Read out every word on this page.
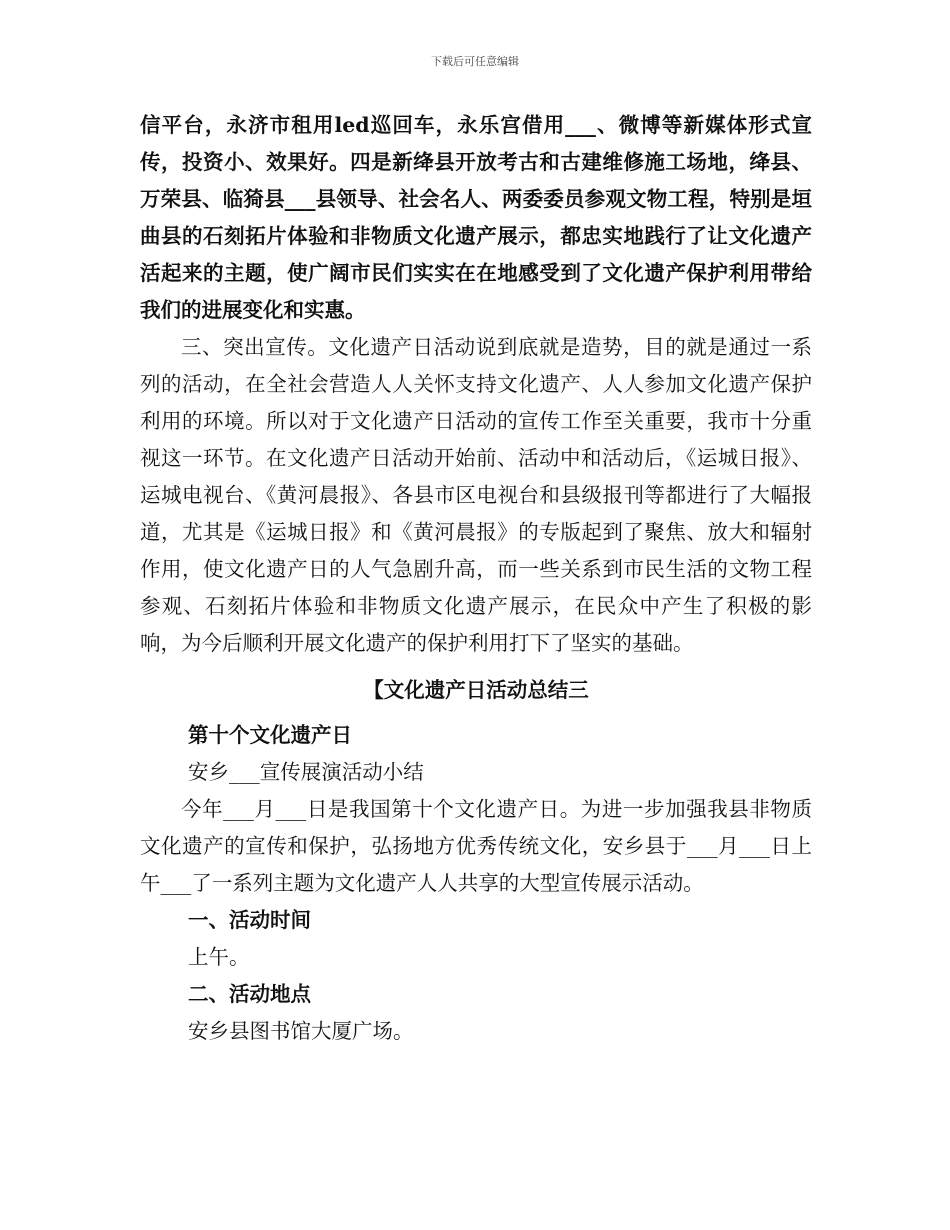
下载后可任意编辑

信平台，永济市租用led巡回车，永乐宫借用___、微博等新媒体形式宣传，投资小、效果好。四是新绛县开放考古和古建维修施工场地，绛县、万荣县、临猗县___县领导、社会名人、两委委员参观文物工程，特别是垣曲县的石刻拓片体验和非物质文化遗产展示，都忠实地践行了让文化遗产活起来的主题，使广阔市民们实实在在地感受到了文化遗产保护利用带给我们的进展变化和实惠。

三、突出宣传。文化遗产日活动说到底就是造势，目的就是通过一系列的活动，在全社会营造人人关怀支持文化遗产、人人参加文化遗产保护利用的环境。所以对于文化遗产日活动的宣传工作至关重要，我市十分重视这一环节。在文化遗产日活动开始前、活动中和活动后，《运城日报》、运城电视台、《黄河晨报》、各县市区电视台和县级报刊等都进行了大幅报道，尤其是《运城日报》和《黄河晨报》的专版起到了聚焦、放大和辐射作用，使文化遗产日的人气急剧升高，而一些关系到市民生活的文物工程参观、石刻拓片体验和非物质文化遗产展示，在民众中产生了积极的影响，为今后顺利开展文化遗产的保护利用打下了坚实的基础。

【文化遗产日活动总结三

第十个文化遗产日

安乡___宣传展演活动小结

今年___月___日是我国第十个文化遗产日。为进一步加强我县非物质文化遗产的宣传和保护，弘扬地方优秀传统文化，安乡县于___月___日上午___了一系列主题为文化遗产人人共享的大型宣传展示活动。

一、活动时间

上午。

二、活动地点

安乡县图书馆大厦广场。
